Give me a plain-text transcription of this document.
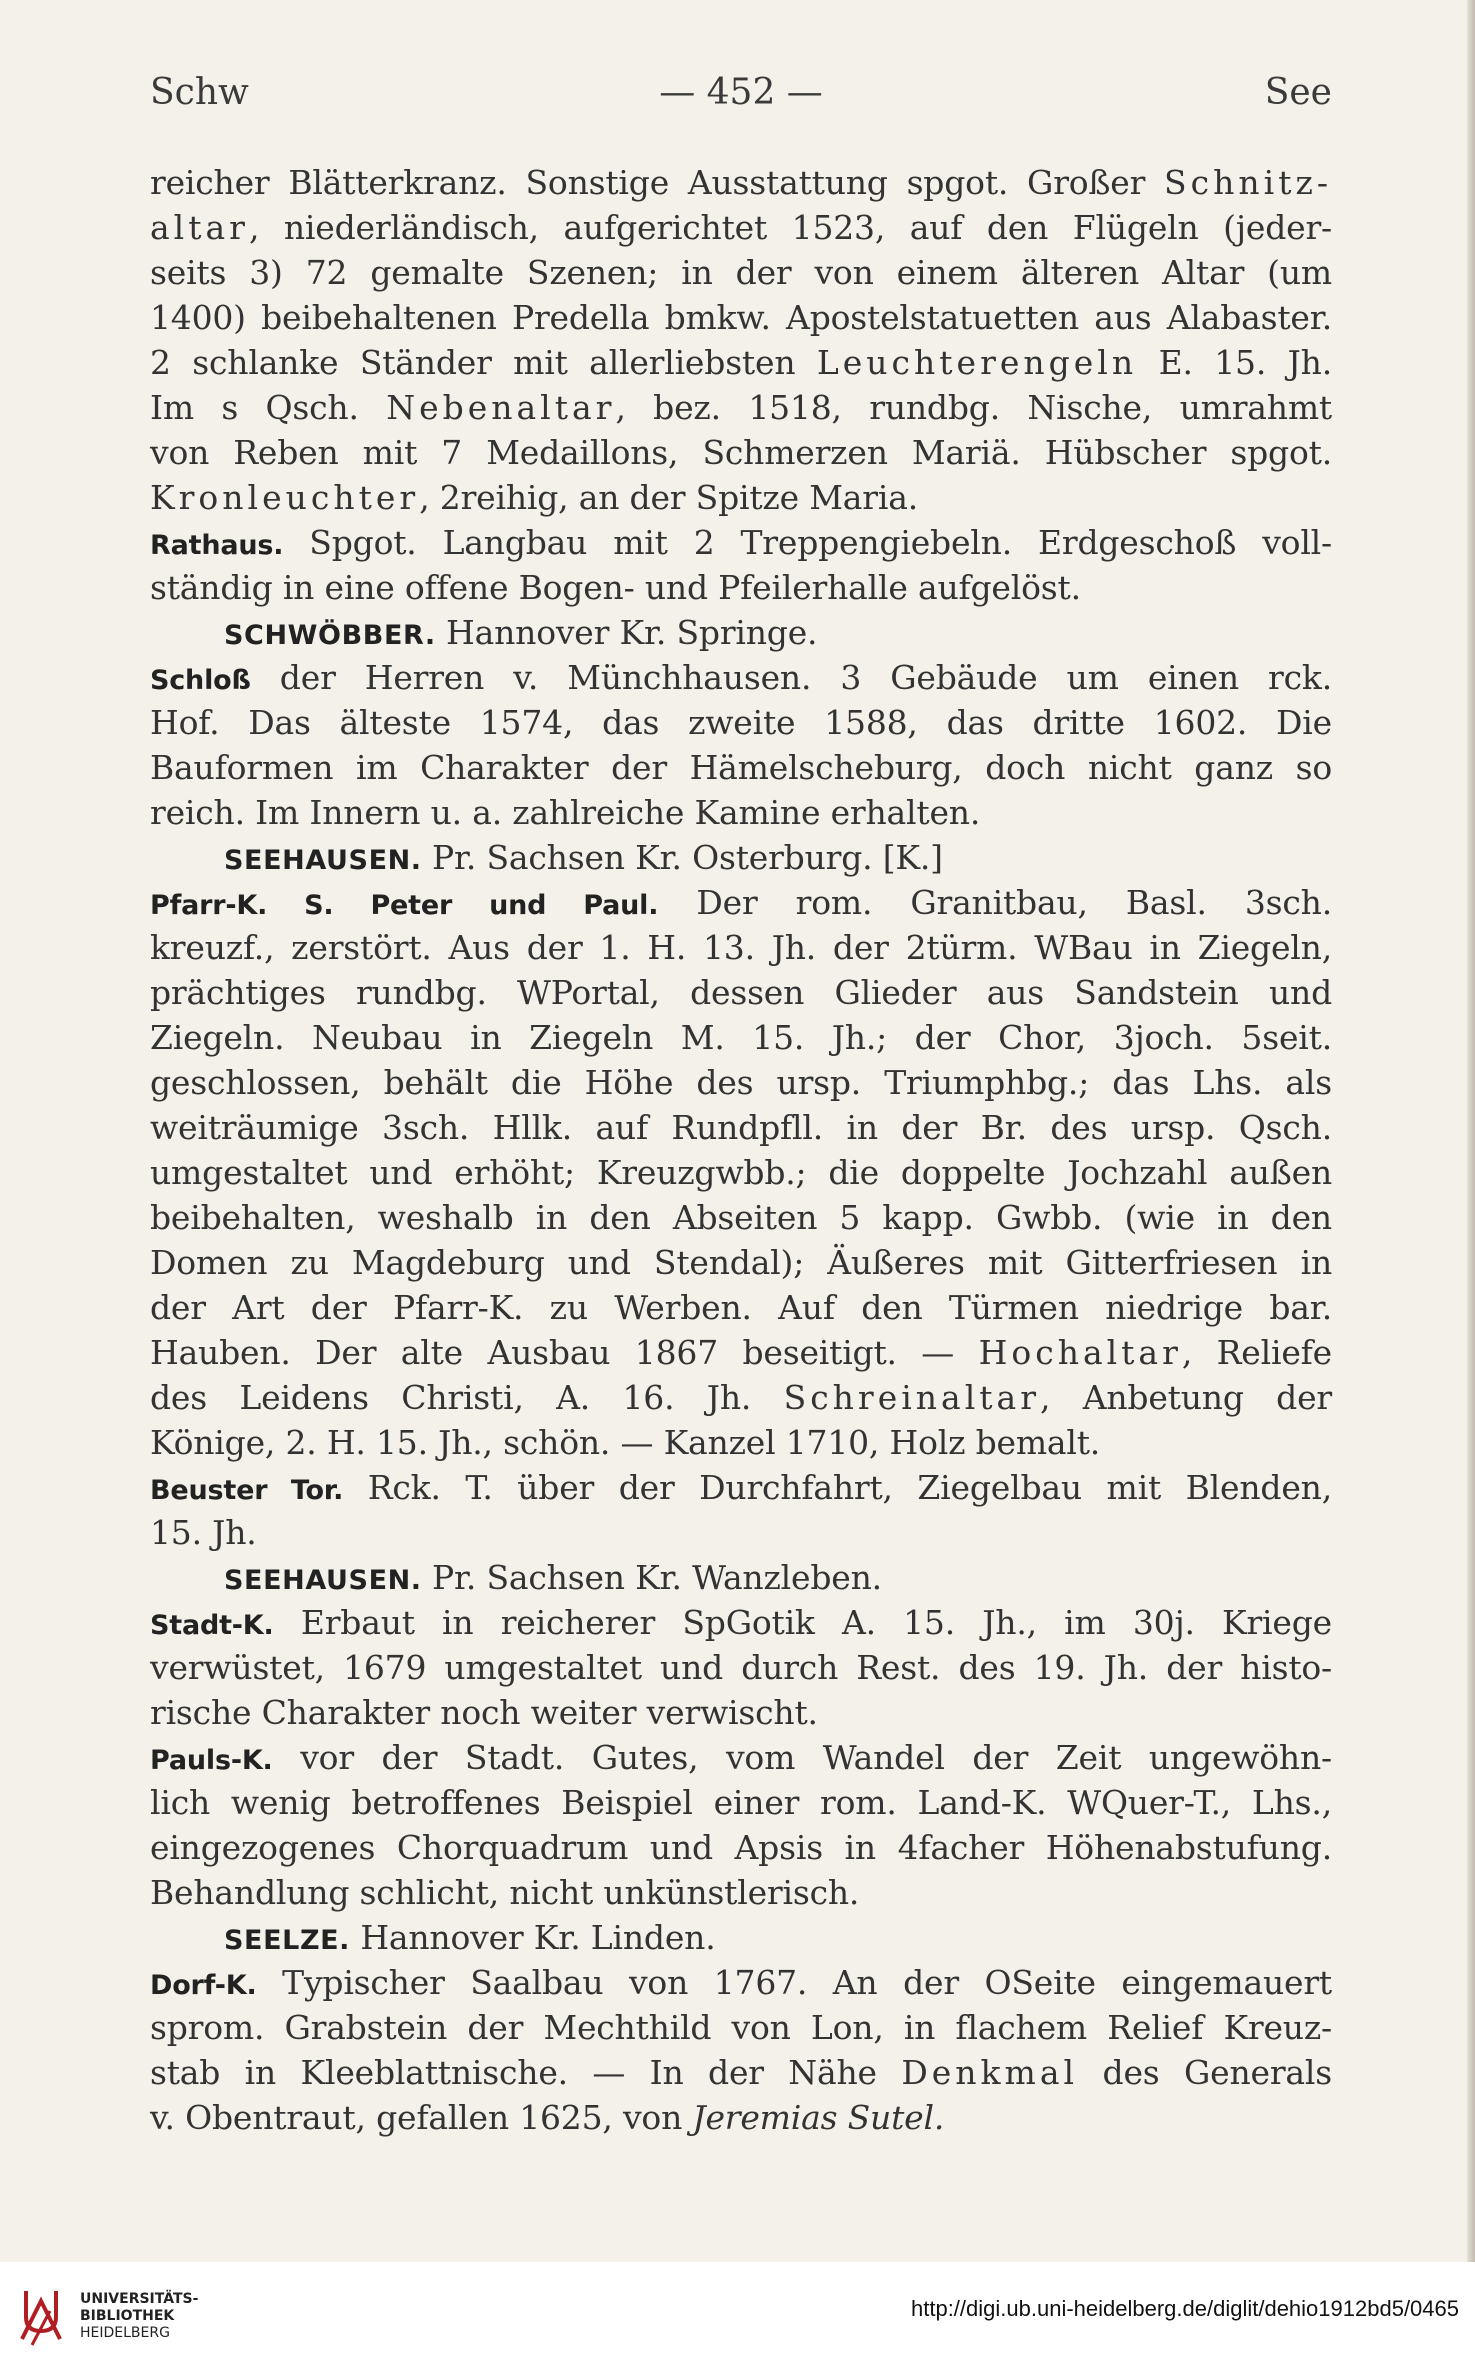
Schw	— 452 —	See
reicher Blätterkranz. Sonstige Ausstattung spgot. Großer Schnitz-
altar, niederländisch, aufgerichtet 1523, auf den Flügeln (jeder-
seits 3) 72 gemalte Szenen; in der von einem älteren Altar (um
1400) beibehaltenen Predella bmkw. Apostelstatuetten aus Alabaster.
2 schlanke Ständer mit allerliebsten Leuchterengeln E. 15. Jh.
Im s Qsch. Nebenaltar, bez. 1518, rundbg. Nische, umrahmt
von Reben mit 7 Medaillons, Schmerzen Mariä. Hübscher spgot.
Kronleuchter, 2reihig, an der Spitze Maria.
Rathaus. Spgot. Langbau mit 2 Treppengiebeln. Erdgeschoß voll-
ständig in eine offene Bogen- und Pfeilerhalle aufgelöst.
SCHWÖBBER. Hannover Kr. Springe.
Schloß der Herren v. Münchhausen. 3 Gebäude um einen rck.
Hof. Das älteste 1574, das zweite 1588, das dritte 1602. Die
Bauformen im Charakter der Hämelscheburg, doch nicht ganz so
reich. Im Innern u. a. zahlreiche Kamine erhalten.
SEEHAUSEN. Pr. Sachsen Kr. Osterburg. [K.]
Pfarr-K. S. Peter und Paul. Der rom. Granitbau, Basl. 3sch.
kreuzf., zerstört. Aus der 1. H. 13. Jh. der 2türm. WBau in Ziegeln,
prächtiges rundbg. WPortal, dessen Glieder aus Sandstein und
Ziegeln. Neubau in Ziegeln M. 15. Jh.; der Chor, 3joch. 5seit.
geschlossen, behält die Höhe des ursp. Triumphbg.; das Lhs. als
weiträumige 3sch. Hllk. auf Rundpfll. in der Br. des ursp. Qsch.
umgestaltet und erhöht; Kreuzgwbb.; die doppelte Jochzahl außen
beibehalten, weshalb in den Abseiten 5 kapp. Gwbb. (wie in den
Domen zu Magdeburg und Stendal); Äußeres mit Gitterfriesen in
der Art der Pfarr-K. zu Werben. Auf den Türmen niedrige bar.
Hauben. Der alte Ausbau 1867 beseitigt. — Hochaltar, Reliefe
des Leidens Christi, A. 16. Jh. Schreinaltar, Anbetung der
Könige, 2. H. 15. Jh., schön. — Kanzel 1710, Holz bemalt.
Beuster Tor. Rck. T. über der Durchfahrt, Ziegelbau mit Blenden,
15. Jh.
SEEHAUSEN. Pr. Sachsen Kr. Wanzleben.
Stadt-K. Erbaut in reicherer SpGotik A. 15. Jh., im 30j. Kriege
verwüstet, 1679 umgestaltet und durch Rest. des 19. Jh. der histo-
rische Charakter noch weiter verwischt.
Pauls-K. vor der Stadt. Gutes, vom Wandel der Zeit ungewöhn-
lich wenig betroffenes Beispiel einer rom. Land-K. WQuer-T., Lhs.,
eingezogenes Chorquadrum und Apsis in 4facher Höhenabstufung.
Behandlung schlicht, nicht unkünstlerisch.
SEELZE. Hannover Kr. Linden.
Dorf-K. Typischer Saalbau von 1767. An der OSeite eingemauert
sprom. Grabstein der Mechthild von Lon, in flachem Relief Kreuz-
stab in Kleeblattnische. — In der Nähe Denkmal des Generals
v. Obentraut, gefallen 1625, von Jeremias Sutel.
UNIVERSITÄTS-
BIBLIOTHEK
HEIDELBERG
http://digi.ub.uni-heidelberg.de/diglit/dehio1912bd5/0465
